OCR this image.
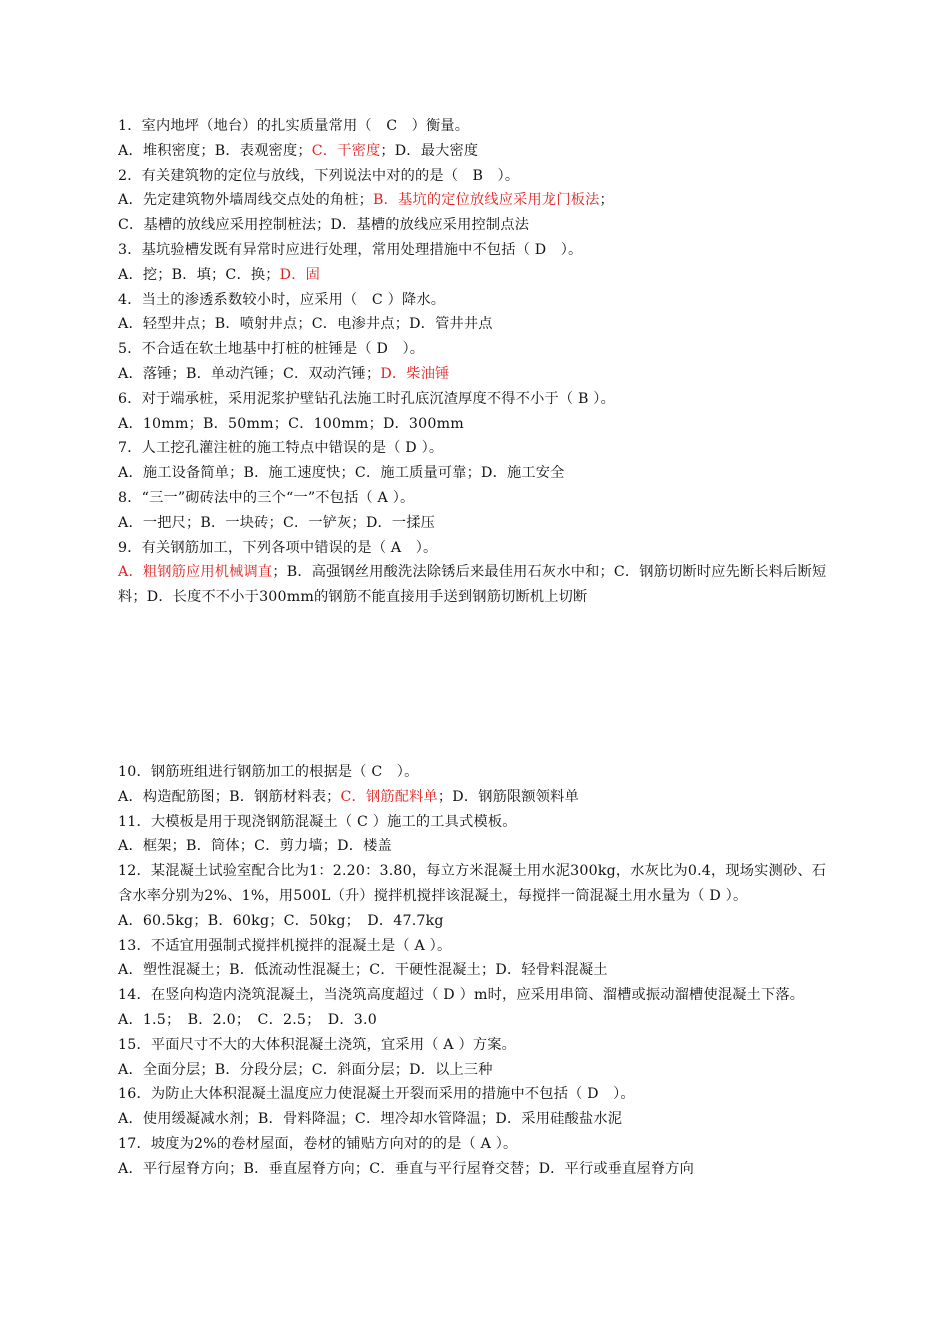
1．室内地坪（地台）的扎实质量常用（　C　）衡量。
A．堆积密度；B．表观密度；C．干密度；D．最大密度
2．有关建筑物的定位与放线，下列说法中对的的是（　B　）。
A．先定建筑物外墙周线交点处的角桩；B．基坑的定位放线应采用龙门板法；
C．基槽的放线应采用控制桩法；D．基槽的放线应采用控制点法
3．基坑验槽发既有异常时应进行处理，常用处理措施中不包括（ D　）。
A．挖；B．填；C．换；D．固
4．当土的渗透系数较小时，应采用（　C ）降水。
A．轻型井点；B．喷射井点；C．电渗井点；D．管井井点
5．不合适在软土地基中打桩的桩锤是（ D　）。
A．落锤；B．单动汽锤；C．双动汽锤；D．柴油锤
6．对于端承桩，采用泥浆护壁钻孔法施工时孔底沉渣厚度不得不小于（ B ）。
A．10mm；B．50mm；C．100mm；D．300mm
7．人工挖孔灌注桩的施工特点中错误的是（ D ）。
A．施工设备简单；B．施工速度快；C．施工质量可靠；D．施工安全
8．“三一”砌砖法中的三个“一”不包括（ A ）。
A．一把尺；B．一块砖；C．一铲灰；D．一揉压
9．有关钢筋加工，下列各项中错误的是（ A　）。
A．粗钢筋应用机械调直；B．高强钢丝用酸洗法除锈后来最佳用石灰水中和；C．钢筋切断时应先断长料后断短料；D．长度不不小于300mm的钢筋不能直接用手送到钢筋切断机上切断
10．钢筋班组进行钢筋加工的根据是（ C　）。
A．构造配筋图；B．钢筋材料表；C．钢筋配料单；D．钢筋限额领料单
11．大模板是用于现浇钢筋混凝土（ C ）施工的工具式模板。
A．框架；B．筒体；C．剪力墙；D．楼盖
12．某混凝土试验室配合比为1：2.20：3.80，每立方米混凝土用水泥300kg，水灰比为0.4，现场实测砂、石含水率分别为2%、1%，用500L（升）搅拌机搅拌该混凝土，每搅拌一筒混凝土用水量为（ D ）。
A．60.5kg；B．60kg；C．50kg；　D．47.7kg
13．不适宜用强制式搅拌机搅拌的混凝土是（ A ）。
A．塑性混凝土；B．低流动性混凝土；C．干硬性混凝土；D．轻骨料混凝土
14．在竖向构造内浇筑混凝土，当浇筑高度超过（ D ）m时，应采用串筒、溜槽或振动溜槽使混凝土下落。
A．1.5；　B．2.0；　C．2.5；　D．3.0
15．平面尺寸不大的大体积混凝土浇筑，宜采用（ A ）方案。
A．全面分层；B．分段分层；C．斜面分层；D．以上三种
16．为防止大体积混凝土温度应力使混凝土开裂而采用的措施中不包括（ D　）。
A．使用缓凝减水剂；B．骨料降温；C．埋冷却水管降温；D．采用硅酸盐水泥
17．坡度为2%的卷材屋面，卷材的铺贴方向对的的是（ A ）。
A．平行屋脊方向；B．垂直屋脊方向；C．垂直与平行屋脊交替；D．平行或垂直屋脊方向
